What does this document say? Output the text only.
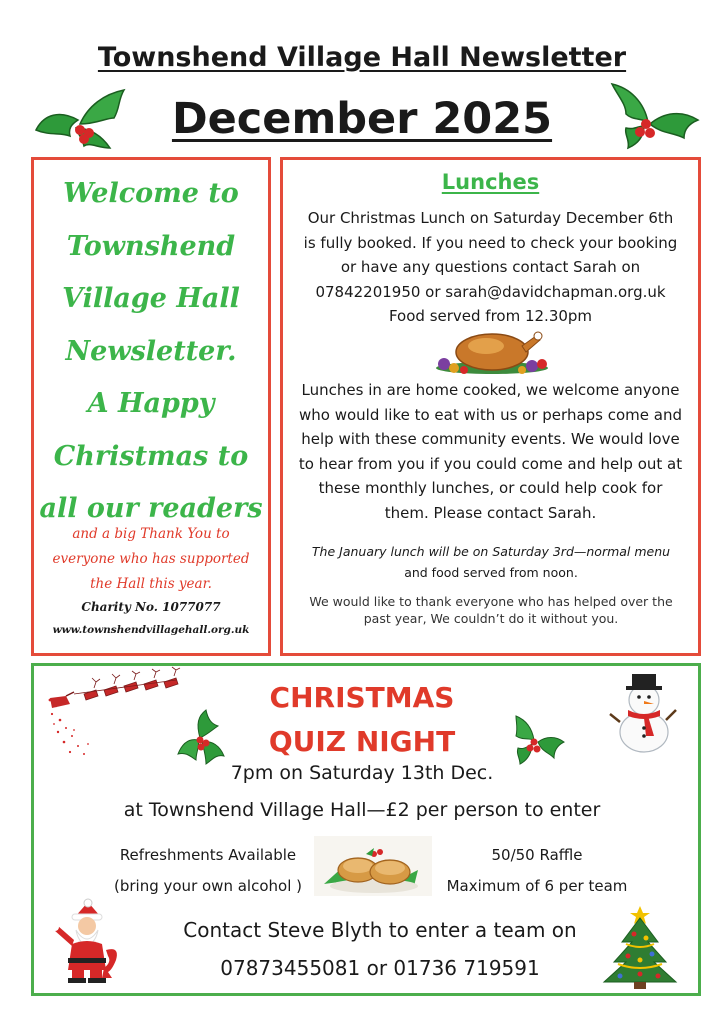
Townshend Village Hall Newsletter
December 2025
Welcome to
Townshend
Village Hall
Newsletter.
A Happy
Christmas to
all our readers
and a big Thank You to
everyone who has supported
the Hall this year.
Charity No. 1077077
www.townshendvillagehall.org.uk
Lunches
Our Christmas Lunch on Saturday December 6th
is fully booked. If you need to check your booking
or have any questions contact Sarah on
07842201950 or sarah@davidchapman.org.uk
Food served from 12.30pm
Lunches in are home cooked, we welcome anyone
who would like to eat with us or perhaps come and
help with these community events. We would love
to hear from you if you could come and help out at
these monthly lunches, or could help cook for
them. Please contact Sarah.
The January lunch will be on Saturday 3rd—normal menu
and food served from noon.
We would like to thank everyone who has helped over the
past year, We couldn’t do it without you.
CHRISTMAS
QUIZ NIGHT
7pm on Saturday 13th Dec.
at Townshend Village Hall—£2 per person to enter
Refreshments Available
(bring your own alcohol )
50/50 Raffle
Maximum of 6 per team
Contact Steve Blyth to enter a team on
07873455081 or 01736 719591
